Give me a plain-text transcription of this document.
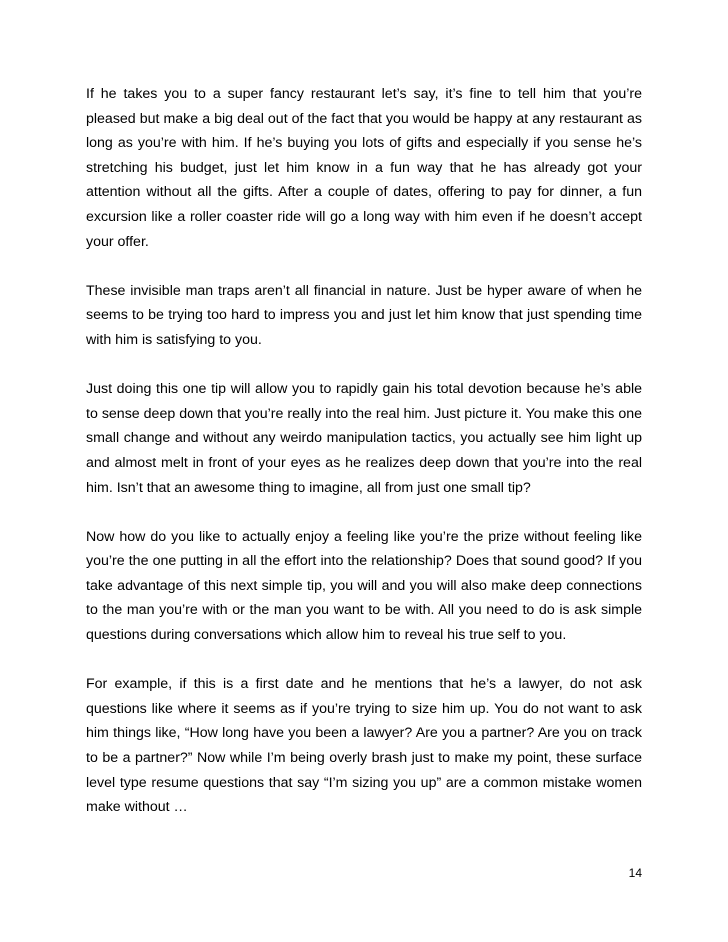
If he takes you to a super fancy restaurant let’s say, it’s fine to tell him that you’re pleased but make a big deal out of the fact that you would be happy at any restaurant as long as you’re with him. If he’s buying you lots of gifts and especially if you sense he’s stretching his budget, just let him know in a fun way that he has already got your attention without all the gifts. After a couple of dates, offering to pay for dinner, a fun excursion like a roller coaster ride will go a long way with him even if he doesn’t accept your offer.

These invisible man traps aren’t all financial in nature. Just be hyper aware of when he seems to be trying too hard to impress you and just let him know that just spending time with him is satisfying to you.

Just doing this one tip will allow you to rapidly gain his total devotion because he’s able to sense deep down that you’re really into the real him. Just picture it. You make this one small change and without any weirdo manipulation tactics, you actually see him light up and almost melt in front of your eyes as he realizes deep down that you’re into the real him. Isn’t that an awesome thing to imagine, all from just one small tip?

Now how do you like to actually enjoy a feeling like you’re the prize without feeling like you’re the one putting in all the effort into the relationship? Does that sound good? If you take advantage of this next simple tip, you will and you will also make deep connections to the man you’re with or the man you want to be with. All you need to do is ask simple questions during conversations which allow him to reveal his true self to you.

For example, if this is a first date and he mentions that he’s a lawyer, do not ask questions like where it seems as if you’re trying to size him up. You do not want to ask him things like, “How long have you been a lawyer? Are you a partner? Are you on track to be a partner?” Now while I’m being overly brash just to make my point, these surface level type resume questions that say “I’m sizing you up” are a common mistake women make without …

14
